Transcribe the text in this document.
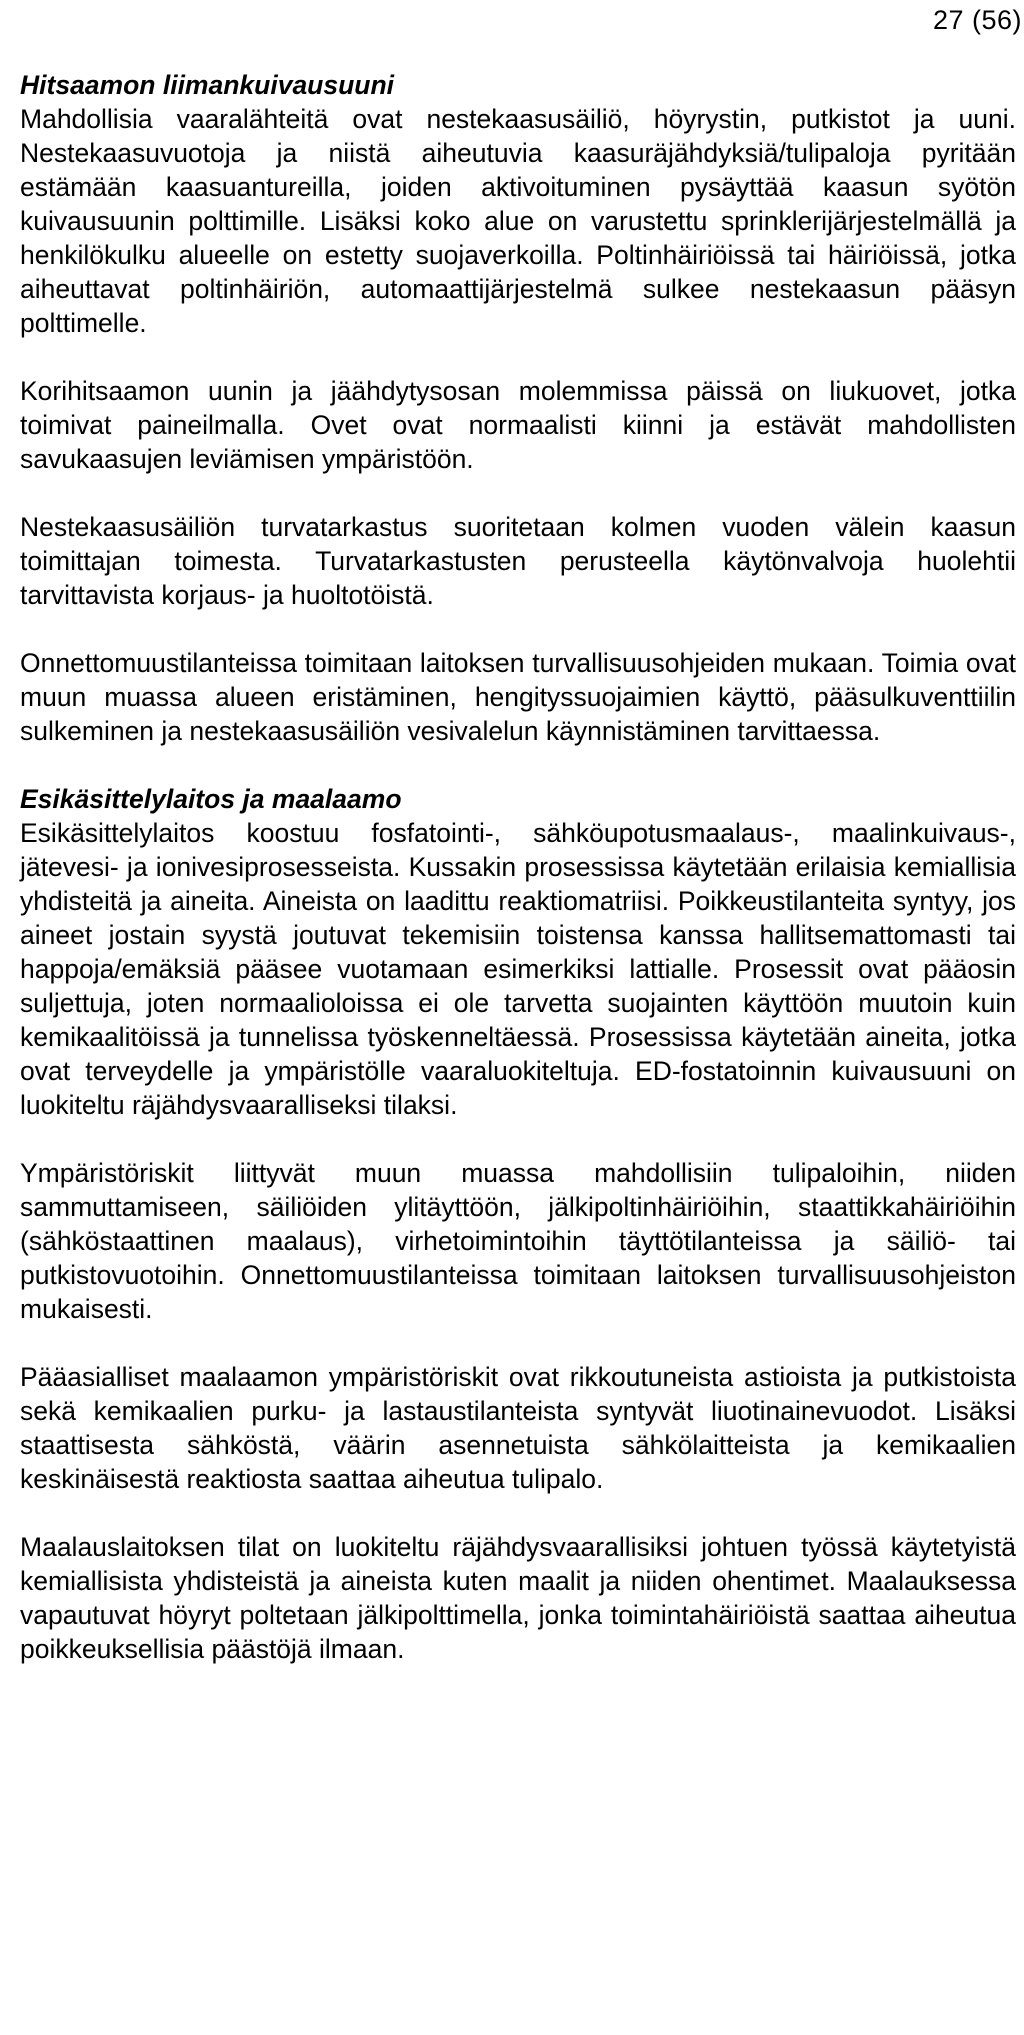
27 (56)
Hitsaamon liimankuivausuuni

Mahdollisia vaaralähteitä ovat nestekaasusäiliö, höyrystin, putkistot ja uuni. Nestekaasuvuotoja ja niistä aiheutuvia kaasuräjähdyksiä/tulipaloja pyritään estämään kaasuantureilla, joiden aktivoituminen pysäyttää kaasun syötön kuivausuunin polttimille. Lisäksi koko alue on varustettu sprinklerijärjestelmällä ja henkilökulku alueelle on estetty suojaverkoilla. Poltinhäiriöissä tai häiriöissä, jotka aiheuttavat poltinhäiriön, automaattijärjestelmä sulkee nestekaasun pääsyn polttimelle.

Korihitsaamon uunin ja jäähdytysosan molemmissa päissä on liukuovet, jotka toimivat paineilmalla. Ovet ovat normaalisti kiinni ja estävät mahdollisten savukaasujen leviämisen ympäristöön.

Nestekaasusäiliön turvatarkastus suoritetaan kolmen vuoden välein kaasun toimittajan toimesta. Turvatarkastusten perusteella käytönvalvoja huolehtii tarvittavista korjaus- ja huoltotöistä.

Onnettomuustilanteissa toimitaan laitoksen turvallisuusohjeiden mukaan. Toimia ovat muun muassa alueen eristäminen, hengityssuojaimien käyttö, pääsulkuventtiilin sulkeminen ja nestekaasusäiliön vesivalelun käynnistäminen tarvittaessa.

Esikäsittelylaitos ja maalaamo

Esikäsittelylaitos koostuu fosfatointi-, sähköupotusmaalaus-, maalinkuivaus-, jätevesi- ja ionivesiprosesseista. Kussakin prosessissa käytetään erilaisia kemiallisia yhdisteitä ja aineita. Aineista on laadittu reaktiomatriisi. Poikkeustilanteita syntyy, jos aineet jostain syystä joutuvat tekemisiin toistensa kanssa hallitsemattomasti tai happoja/emäksiä pääsee vuotamaan esimerkiksi lattialle. Prosessit ovat pääosin suljettuja, joten normaalioloissa ei ole tarvetta suojainten käyttöön muutoin kuin kemikaalitöissä ja tunnelissa työskenneltäessä. Prosessissa käytetään aineita, jotka ovat terveydelle ja ympäristölle vaaraluokiteltuja. ED-fostatoinnin kuivausuuni on luokiteltu räjähdysvaaralliseksi tilaksi.

Ympäristöriskit liittyvät muun muassa mahdollisiin tulipaloihin, niiden sammuttamiseen, säiliöiden ylitäyttöön, jälkipoltinhäiriöihin, staattikkahäiriöihin (sähköstaattinen maalaus), virhetoimintoihin täyttötilanteissa ja säiliö- tai putkistovuotoihin. Onnettomuustilanteissa toimitaan laitoksen turvallisuusohjeiston mukaisesti.

Pääasialliset maalaamon ympäristöriskit ovat rikkoutuneista astioista ja putkistoista sekä kemikaalien purku- ja lastaustilanteista syntyvät liuotinainevuodot. Lisäksi staattisesta sähköstä, väärin asennetuista sähkölaitteista ja kemikaalien keskinäisestä reaktiosta saattaa aiheutua tulipalo.

Maalauslaitoksen tilat on luokiteltu räjähdysvaarallisiksi johtuen työssä käytetyistä kemiallisista yhdisteistä ja aineista kuten maalit ja niiden ohentimet. Maalauksessa vapautuvat höyryt poltetaan jälkipolttimella, jonka toimintahäiriöistä saattaa aiheutua poikkeuksellisia päästöjä ilmaan.
